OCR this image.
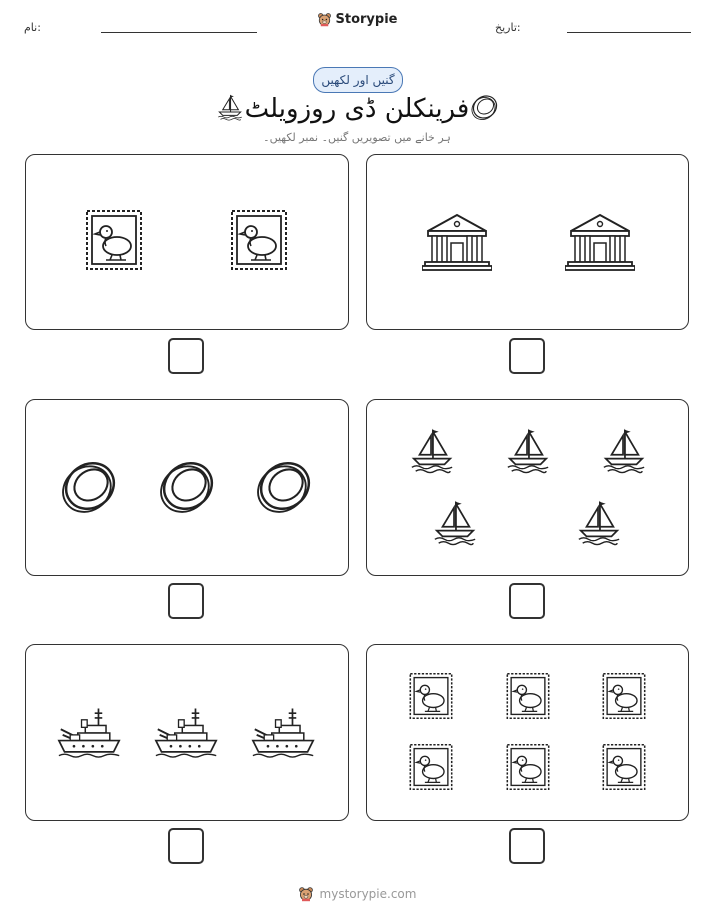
نام:
Storypie
تاریخ:
گنیں اور لکھیں
فرینکلن ڈی روزویلٹ
ہر خانے میں تصویریں گنیں۔ نمبر لکھیں۔
mystorypie.com
